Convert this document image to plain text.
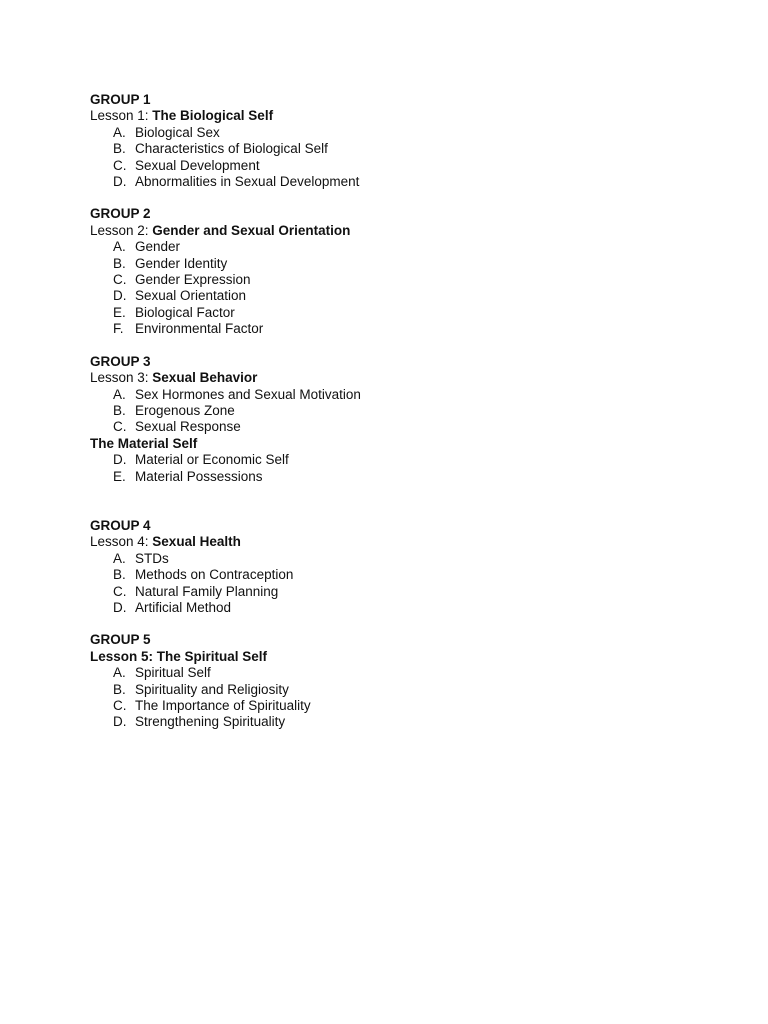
GROUP 1
Lesson 1: The Biological Self
A. Biological Sex
B. Characteristics of Biological Self
C. Sexual Development
D. Abnormalities in Sexual Development
GROUP 2
Lesson 2: Gender and Sexual Orientation
A. Gender
B. Gender Identity
C. Gender Expression
D. Sexual Orientation
E. Biological Factor
F. Environmental Factor
GROUP 3
Lesson 3: Sexual Behavior
A. Sex Hormones and Sexual Motivation
B. Erogenous Zone
C. Sexual Response
The Material Self
D. Material or Economic Self
E. Material Possessions
GROUP 4
Lesson 4: Sexual Health
A. STDs
B. Methods on Contraception
C. Natural Family Planning
D. Artificial Method
GROUP 5
Lesson 5: The Spiritual Self
A. Spiritual Self
B. Spirituality and Religiosity
C. The Importance of Spirituality
D. Strengthening Spirituality
